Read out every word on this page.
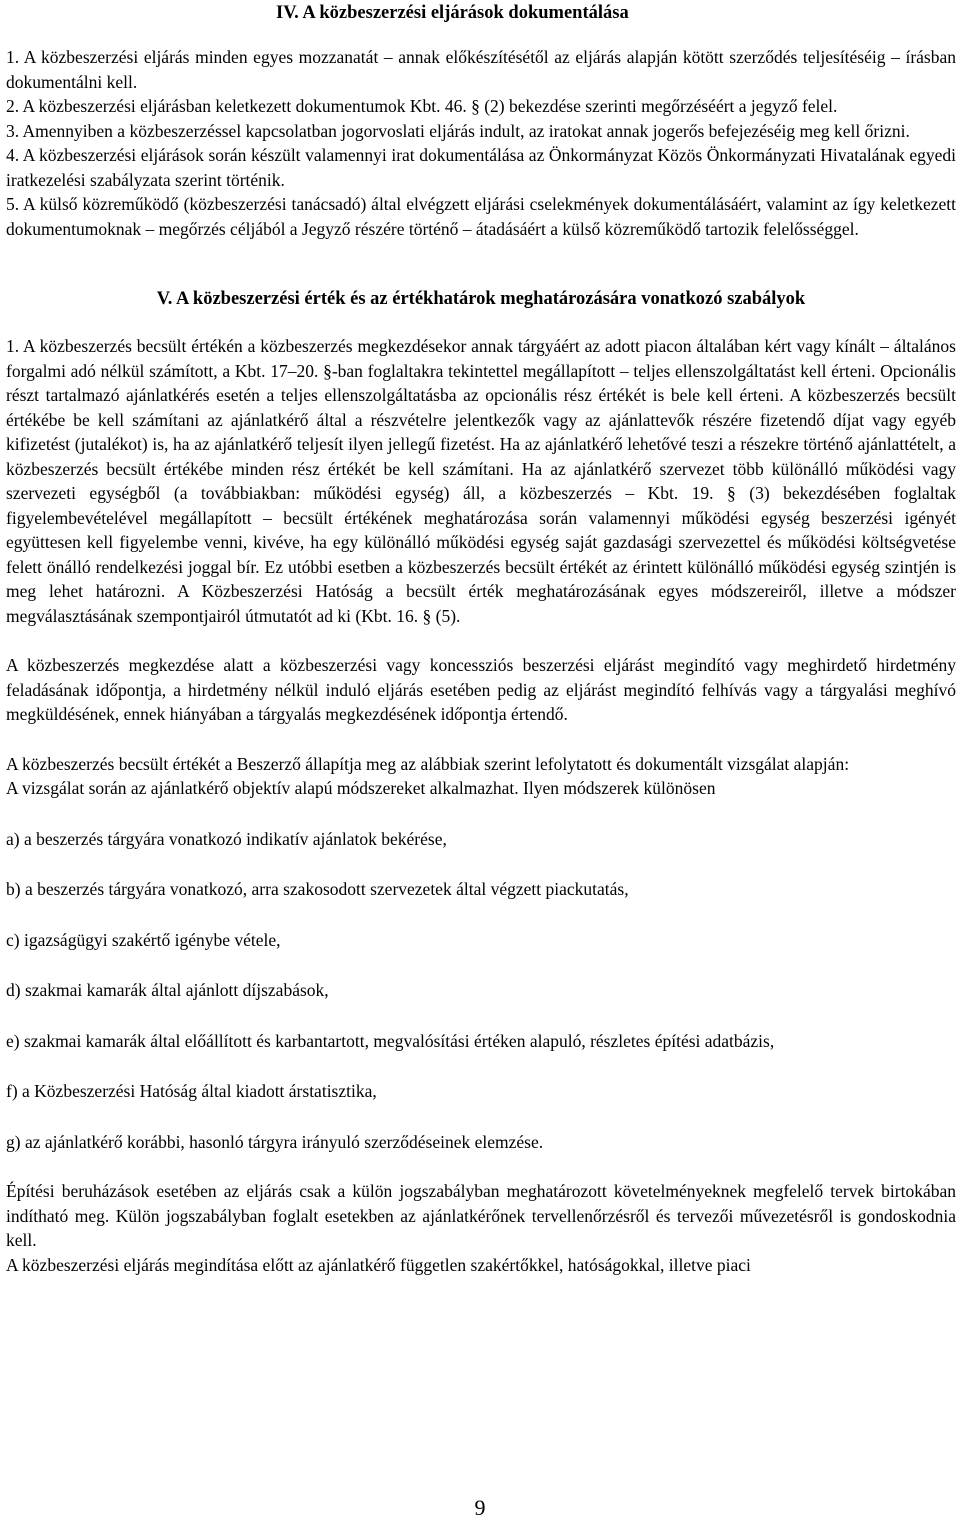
IV. A közbeszerzési eljárások dokumentálása

1. A közbeszerzési eljárás minden egyes mozzanatát – annak előkészítésétől az eljárás alapján kötött szerződés teljesítéséig – írásban dokumentálni kell.

2. A közbeszerzési eljárásban keletkezett dokumentumok Kbt. 46. § (2) bekezdése szerinti megőrzéséért a jegyző felel.

3. Amennyiben a közbeszerzéssel kapcsolatban jogorvoslati eljárás indult, az iratokat annak jogerős befejezéséig meg kell őrizni.

4. A közbeszerzési eljárások során készült valamennyi irat dokumentálása az Önkormányzat Közös Önkormányzati Hivatalának egyedi iratkezelési szabályzata szerint történik.

5. A külső közreműködő (közbeszerzési tanácsadó) által elvégzett eljárási cselekmények dokumentálásáért, valamint az így keletkezett dokumentumoknak – megőrzés céljából a Jegyző részére történő – átadásáért a külső közreműködő tartozik felelősséggel.

V. A közbeszerzési érték és az értékhatárok meghatározására vonatkozó szabályok

1. A közbeszerzés becsült értékén a közbeszerzés megkezdésekor annak tárgyáért az adott piacon általában kért vagy kínált – általános forgalmi adó nélkül számított, a Kbt. 17–20. §-ban foglaltakra tekintettel megállapított – teljes ellenszolgáltatást kell érteni. Opcionális részt tartalmazó ajánlatkérés esetén a teljes ellenszolgáltatásba az opcionális rész értékét is bele kell érteni. A közbeszerzés becsült értékébe be kell számítani az ajánlatkérő által a részvételre jelentkezők vagy az ajánlattevők részére fizetendő díjat vagy egyéb kifizetést (jutalékot) is, ha az ajánlatkérő teljesít ilyen jellegű fizetést. Ha az ajánlatkérő lehetővé teszi a részekre történő ajánlattételt, a közbeszerzés becsült értékébe minden rész értékét be kell számítani. Ha az ajánlatkérő szervezet több különálló működési vagy szervezeti egységből (a továbbiakban: működési egység) áll, a közbeszerzés – Kbt. 19. § (3) bekezdésében foglaltak figyelembevételével megállapított – becsült értékének meghatározása során valamennyi működési egység beszerzési igényét együttesen kell figyelembe venni, kivéve, ha egy különálló működési egység saját gazdasági szervezettel és működési költségvetése felett önálló rendelkezési joggal bír. Ez utóbbi esetben a közbeszerzés becsült értékét az érintett különálló működési egység szintjén is meg lehet határozni. A Közbeszerzési Hatóság a becsült érték meghatározásának egyes módszereiről, illetve a módszer megválasztásának szempontjairól útmutatót ad ki (Kbt. 16. § (5).

A közbeszerzés megkezdése alatt a közbeszerzési vagy koncessziós beszerzési eljárást megindító vagy meghirdető hirdetmény feladásának időpontja, a hirdetmény nélkül induló eljárás esetében pedig az eljárást megindító felhívás vagy a tárgyalási meghívó megküldésének, ennek hiányában a tárgyalás megkezdésének időpontja értendő.

A közbeszerzés becsült értékét a Beszerző állapítja meg az alábbiak szerint lefolytatott és dokumentált vizsgálat alapján:

A vizsgálat során az ajánlatkérő objektív alapú módszereket alkalmazhat. Ilyen módszerek különösen

a) a beszerzés tárgyára vonatkozó indikatív ajánlatok bekérése,

b) a beszerzés tárgyára vonatkozó, arra szakosodott szervezetek által végzett piackutatás,

c) igazságügyi szakértő igénybe vétele,

d) szakmai kamarák által ajánlott díjszabások,

e) szakmai kamarák által előállított és karbantartott, megvalósítási értéken alapuló, részletes építési adatbázis,

f) a Közbeszerzési Hatóság által kiadott árstatisztika,

g) az ajánlatkérő korábbi, hasonló tárgyra irányuló szerződéseinek elemzése.

Építési beruházások esetében az eljárás csak a külön jogszabályban meghatározott követelményeknek megfelelő tervek birtokában indítható meg. Külön jogszabályban foglalt esetekben az ajánlatkérőnek tervellenőrzésről és tervezői művezetésről is gondoskodnia kell.

A közbeszerzési eljárás megindítása előtt az ajánlatkérő független szakértőkkel, hatóságokkal, illetve piaci

9
